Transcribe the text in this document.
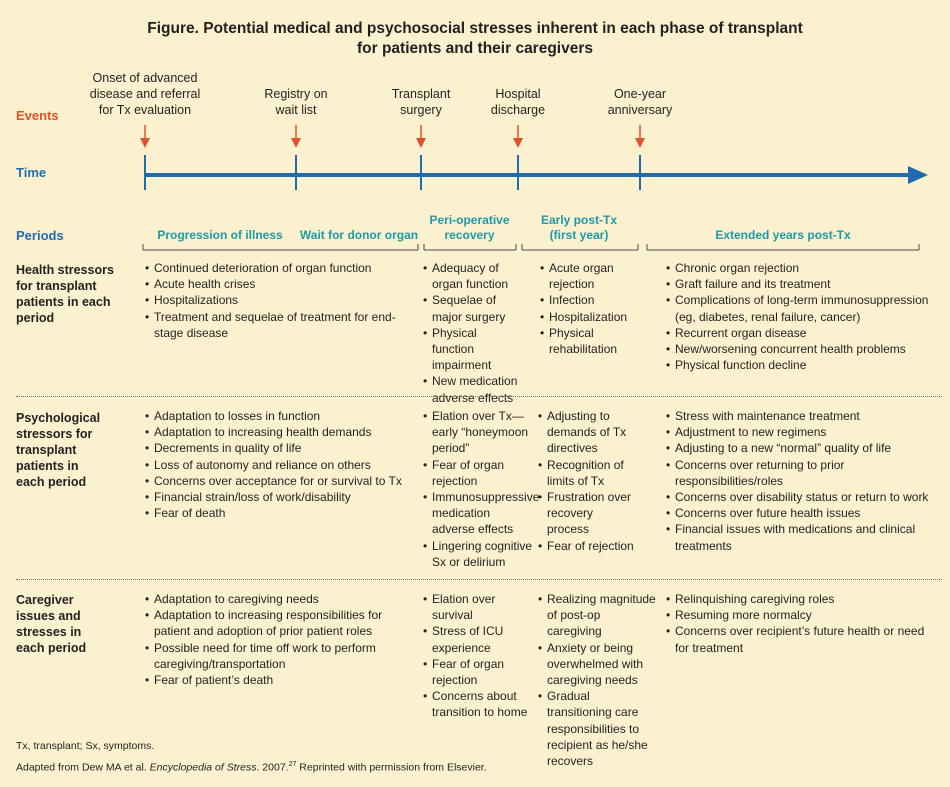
Figure. Potential medical and psychosocial stresses inherent in each phase of transplant
for patients and their caregivers
Events
Time
Periods
Onset of advanced
disease and referral
for Tx evaluation
Registry on
wait list
Transplant
surgery
Hospital
discharge
One-year
anniversary
Progression of illness	Wait for donor organ
Peri-operative
recovery
Early post-Tx
(first year)	Extended years post-Tx
Health stressors
for transplant
patients in each
period
• Continued deterioration of organ function
• Acute health crises
• Hospitalizations
• Treatment and sequelae of treatment for end-stage disease
• Adequacy of organ function
• Sequelae of major surgery
• Physical function impairment
• New medication adverse effects
• Acute organ rejection
• Infection
• Hospitalization
• Physical rehabilitation
• Chronic organ rejection
• Graft failure and its treatment
• Complications of long-term immunosuppression (eg, diabetes, renal failure, cancer)
• Recurrent organ disease
• New/worsening concurrent health problems
• Physical function decline
Psychological
stressors for
transplant
patients in
each period
• Adaptation to losses in function
• Adaptation to increasing health demands
• Decrements in quality of life
• Loss of autonomy and reliance on others
• Concerns over acceptance for or survival to Tx
• Financial strain/loss of work/disability
• Fear of death
• Elation over Tx— early “honeymoon period”
• Fear of organ rejection
• Immunosuppressive medication adverse effects
• Lingering cognitive Sx or delirium
• Adjusting to demands of Tx directives
• Recognition of limits of Tx
• Frustration over recovery process
• Fear of rejection
• Stress with maintenance treatment
• Adjustment to new regimens
• Adjusting to a new “normal” quality of life
• Concerns over returning to prior responsibilities/roles
• Concerns over disability status or return to work
• Concerns over future health issues
• Financial issues with medications and clinical treatments
Caregiver
issues and
stresses in
each period
• Adaptation to caregiving needs
• Adaptation to increasing responsibilities for patient and adoption of prior patient roles
• Possible need for time off work to perform caregiving/transportation
• Fear of patient’s death
• Elation over survival
• Stress of ICU experience
• Fear of organ rejection
• Concerns about transition to home
• Realizing magnitude of post-op caregiving
• Anxiety or being overwhelmed with caregiving needs
• Gradual transitioning care responsibilities to recipient as he/she recovers
• Relinquishing caregiving roles
• Resuming more normalcy
• Concerns over recipient’s future health or need for treatment
Tx, transplant; Sx, symptoms.
Adapted from Dew MA et al. Encyclopedia of Stress. 2007.27 Reprinted with permission from Elsevier.
